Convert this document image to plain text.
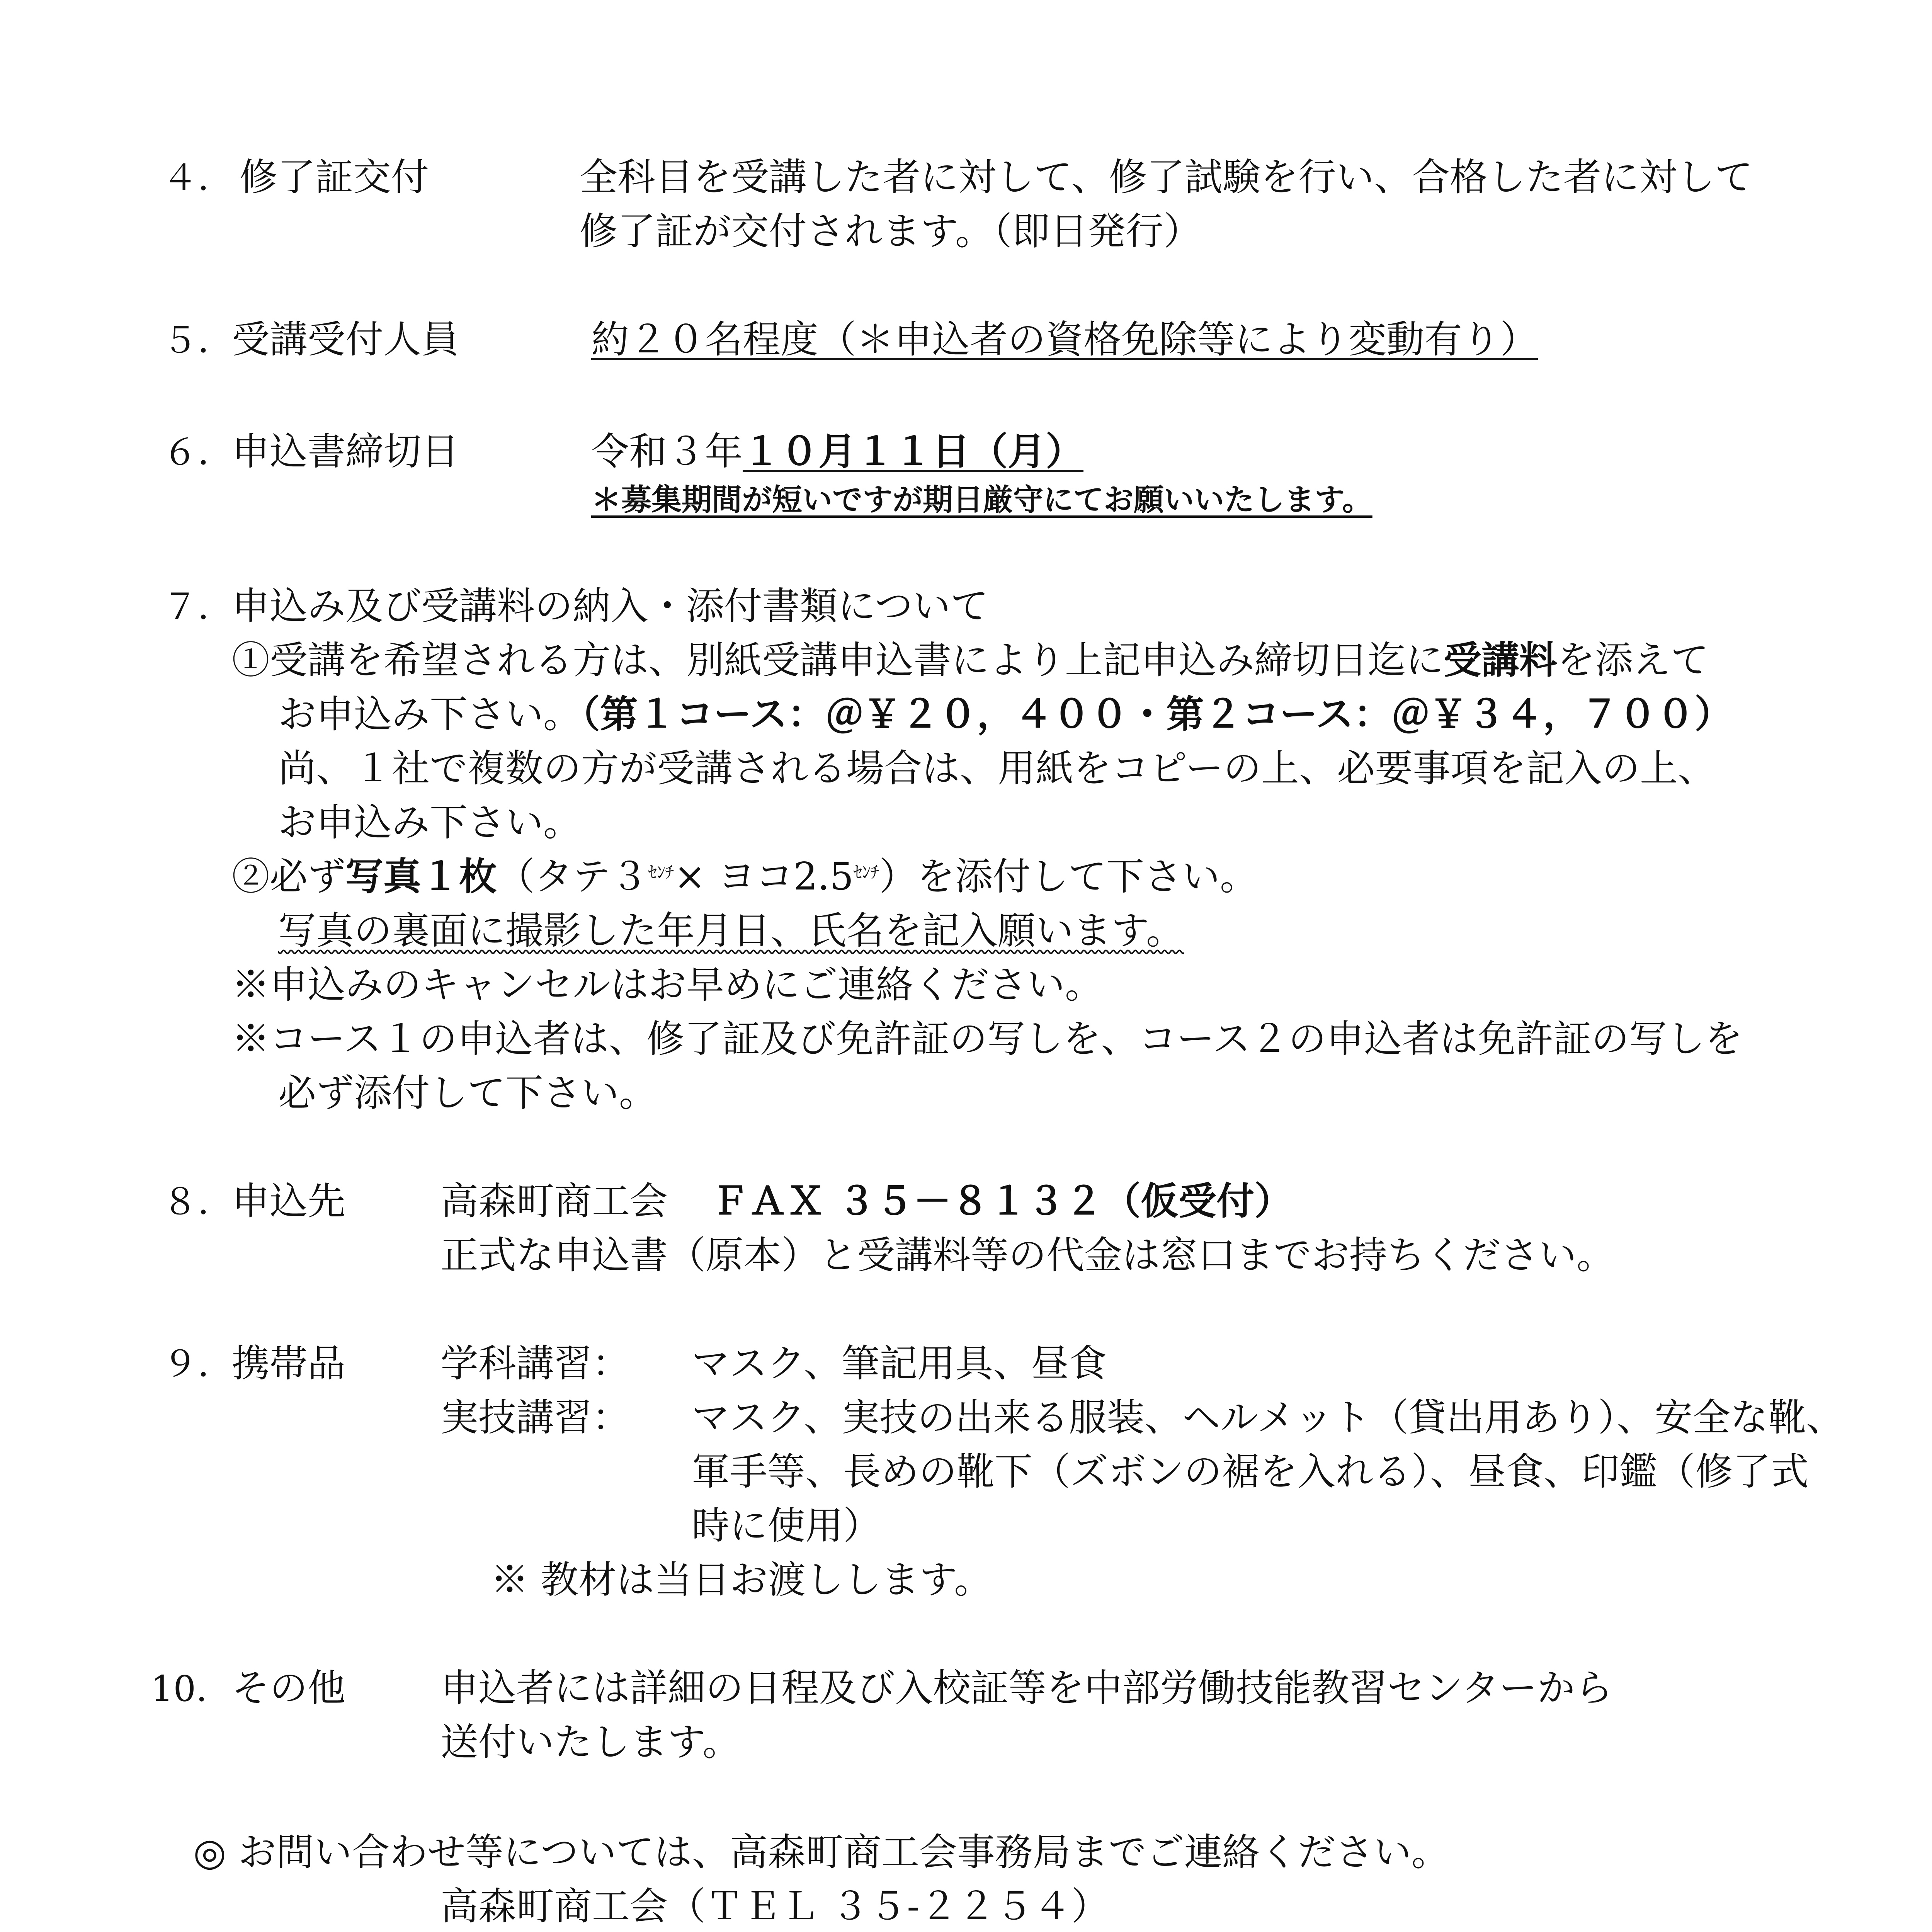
４． 修了証交付	全科目を受講した者に対して、修了試験を行い、合格した者に対して
修了証が交付されます。（即日発行）
５．
受講受付人員	約２０名程度（＊申込者の資格免除等により変動有り）
６．
申込書締切日	令和３年１０月１１日（月）
＊募集期間が短いですが期日厳守にてお願いいたします。
７．
申込み及び受講料の納入・添付書類について
①受講を希望される方は、別紙受講申込書により上記申込み締切日迄に受講料を添えて
お申込み下さい。（第１コース：＠￥２０，４００・第２コース：＠￥３４，７００）
尚、１社で複数の方が受講される場合は、用紙をコピーの上、必要事項を記入の上、
お申込み下さい。
②必ず写真１枚（タテ$3^{ｾﾝﾁ}\times$ ヨコ$2.5^{ｾﾝﾁ}$）を添付して下さい。
写真の裏面に撮影した年月日、氏名を記入願います。
※申込みのキャンセルはお早めにご連絡ください。
※コース１の申込者は、修了証及び免許証の写しを、コース２の申込者は免許証の写しを
必ず添付して下さい。
８．
申込先	高森町商工会 ＦＡＸ ３５－８１３２（仮受付）
正式な申込書（原本）と受講料等の代金は窓口までお持ちください。
９．
携帯品	学科講習： マスク、筆記用具、昼食
実技講習： マスク、実技の出来る服装、ヘルメット（貸出用あり）、安全な靴、
軍手等、長めの靴下（ズボンの裾を入れる）、昼食、印鑑（修了式
時に使用）
※ 教材は当日お渡しします。
10. その他	申込者には詳細の日程及び入校証等を中部労働技能教習センターから
送付いたします。
◎ お問い合わせ等については、高森町商工会事務局までご連絡ください。
高森町商工会（ＴＥＬ ３５‐２２５４）
